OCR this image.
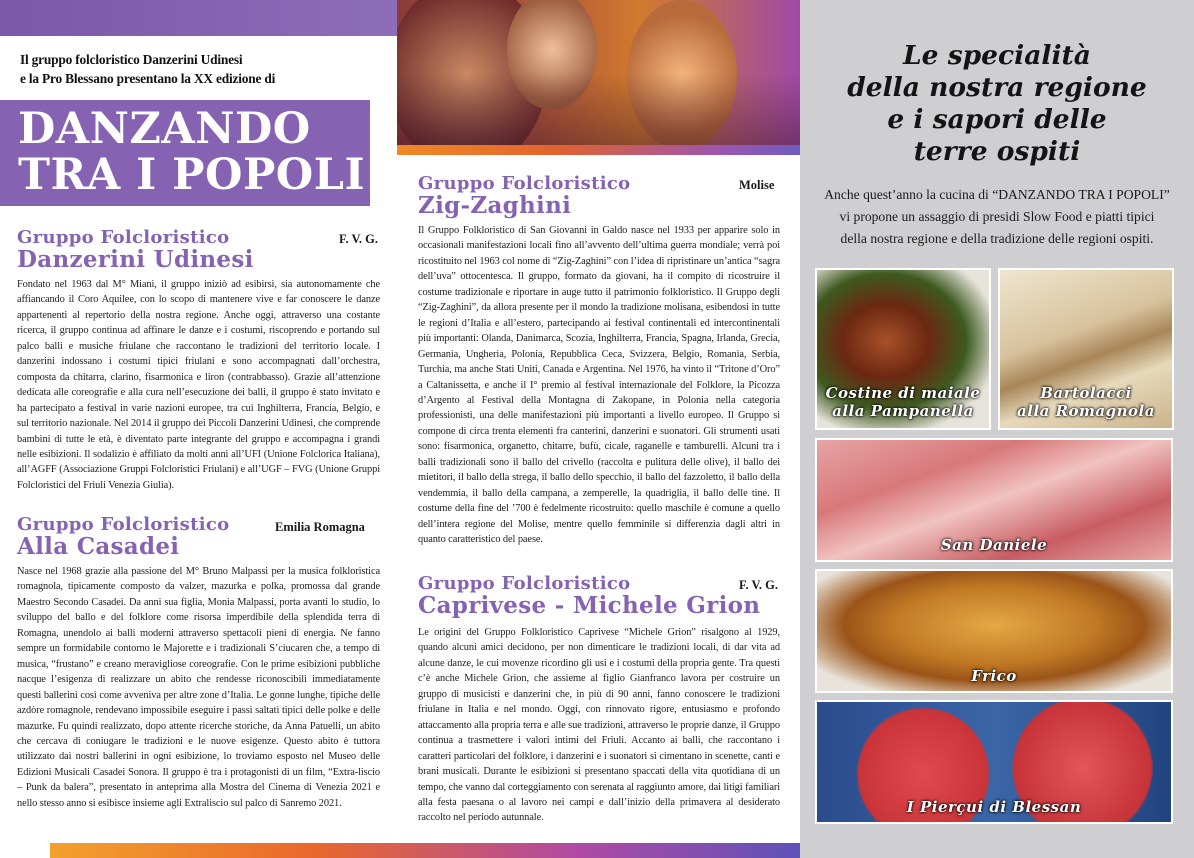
Il gruppo folcloristico Danzerini Udinesi
e la Pro Blessano presentano la XX edizione di
DANZANDO
TRA I POPOLI
Le specialità
della nostra regione
e i sapori delle
terre ospiti
Anche quest’anno la cucina di “DANZANDO TRA I POPOLI”
vi propone un assaggio di presidi Slow Food e piatti tipici
della nostra regione e della tradizione delle regioni ospiti.
Costine di maiale
alla Pampanella
Bartolacci
alla Romagnola
San Daniele
Frico
I Pierçui di Blessan
Gruppo Folcloristico
Danzerini Udinesi
F. V. G.
Fondato nel 1963 dal M° Miani, il gruppo iniziò ad esibirsi, sia autonomamente che affiancando il Coro Aquilee, con lo scopo di mantenere vive e far conoscere le danze appartenenti al repertorio della nostra regione. Anche oggi, attraverso una costante ricerca, il gruppo continua ad affinare le danze e i costumi, riscoprendo e portando sul palco balli e musiche friulane che raccontano le tradizioni del territorio locale. I danzerini indossano i costumi tipici friulani e sono accompagnati dall’orchestra, composta da chitarra, clarino, fisarmonica e liron (contrabbasso). Grazie all’attenzione dedicata alle coreografie e alla cura nell’esecuzione dei balli, il gruppo è stato invitato e ha partecipato a festival in varie nazioni europee, tra cui Inghilterra, Francia, Belgio, e sul territorio nazionale. Nel 2014 il gruppo dei Piccoli Danzerini Udinesi, che comprende bambini di tutte le età, è diventato parte integrante del gruppo e accompagna i grandi nelle esibizioni. Il sodalizio è affiliato da molti anni all’UFI (Unione Folclorica Italiana), all’AGFF (Associazione Gruppi Folcloristici Friulani) e all’UGF – FVG (Unione Gruppi Folcloristici del Friuli Venezia Giulia).
Gruppo Folcloristico
Alla Casadei
Emilia Romagna
Nasce nel 1968 grazie alla passione del M° Bruno Malpassi per la musica folkloristica romagnola, tipicamente composto da valzer, mazurka e polka, promossa dal grande Maestro Secondo Casadei. Da anni sua figlia, Monia Malpassi, porta avanti lo studio, lo sviluppo del ballo e del folklore come risorsa imperdibile della splendida terra di Romagna, unendolo ai balli moderni attraverso spettacoli pieni di energia. Ne fanno sempre un formidabile contorno le Majorette e i tradizionali S’ciucaren che, a tempo di musica, “frustano” e creano meravigliose coreografie. Con le prime esibizioni pubbliche nacque l’esigenza di realizzare un abito che rendesse riconoscibili immediatamente questi ballerini così come avveniva per altre zone d’Italia. Le gonne lunghe, tipiche delle azdòre romagnole, rendevano impossibile eseguire i passi saltati tipici delle polke e delle mazurke. Fu quindi realizzato, dopo attente ricerche storiche, da Anna Patuelli, un abito che cercava di coniugare le tradizioni e le nuove esigenze. Questo abito è tuttora utilizzato dai nostri ballerini in ogni esibizione, lo troviamo esposto nel Museo delle Edizioni Musicali Casadei Sonora. Il gruppo è tra i protagonisti di un film, “Extra-liscio – Punk da balera”, presentato in anteprima alla Mostra del Cinema di Venezia 2021 e nello stesso anno si esibisce insieme agli Extraliscio sul palco di Sanremo 2021.
Gruppo Folcloristico
Zig-Zaghini
Molise
Il Gruppo Folkloristico di San Giovanni in Galdo nasce nel 1933 per apparire solo in occasionali manifestazioni locali fino all’avvento dell’ultima guerra mondiale; verrà poi ricostituito nel 1963 col nome di “Zig-Zaghini” con l’idea di ripristinare un’antica “sagra dell’uva” ottocentesca. Il gruppo, formato da giovani, ha il compito di ricostruire il costume tradizionale e riportare in auge tutto il patrimonio folkloristico. Il Gruppo degli “Zig-Zaghini”, da allora presente per il mondo la tradizione molisana, esibendosi in tutte le regioni d’Italia e all’estero, partecipando ai festival continentali ed intercontinentali più importanti: Olanda, Danimarca, Scozia, Inghilterra, Francia, Spagna, Irlanda, Grecia, Germania, Ungheria, Polonia, Repubblica Ceca, Svizzera, Belgio, Romania, Serbia, Turchia, ma anche Stati Uniti, Canada e Argentina. Nel 1976, ha vinto il “Tritone d’Oro” a Caltanissetta, e anche il I° premio al festival internazionale del Folklore, la Picozza d’Argento al Festival della Montagna di Zakopane, in Polonia nella categoria professionisti, una delle manifestazioni più importanti a livello europeo. Il Gruppo si compone di circa trenta elementi fra canterini, danzerini e suonatori. Gli strumenti usati sono: fisarmonica, organetto, chitarre, bufù, cicale, raganelle e tamburelli. Alcuni tra i balli tradizionali sono il ballo del crivello (raccolta e pulitura delle olive), il ballo dei mietitori, il ballo della strega, il ballo dello specchio, il ballo del fazzoletto, il ballo della vendemmia, il ballo della campana, a zemperelle, la quadriglia, il ballo delle tine. Il costume della fine del ’700 è fedelmente ricostruito: quello maschile è comune a quello dell’intera regione del Molise, mentre quello femminile si differenzia dagli altri in quanto caratteristico del paese.
Gruppo Folcloristico
Caprivese - Michele Grion
F. V. G.
Le origini del Gruppo Folkloristico Caprivese “Michele Grion” risalgono al 1929, quando alcuni amici decidono, per non dimenticare le tradizioni locali, di dar vita ad alcune danze, le cui movenze ricordino gli usi e i costumi della propria gente. Tra questi c’è anche Michele Grion, che assieme al figlio Gianfranco lavora per costruire un gruppo di musicisti e danzerini che, in più di 90 anni, fanno conoscere le tradizioni friulane in Italia e nel mondo. Oggi, con rinnovato rigore, entusiasmo e profondo attaccamento alla propria terra e alle sue tradizioni, attraverso le proprie danze, il Gruppo continua a trasmettere i valori intimi del Friuli. Accanto ai balli, che raccontano i caratteri particolari del folklore, i danzerini e i suonatori si cimentano in scenette, canti e brani musicali. Durante le esibizioni si presentano spaccati della vita quotidiana di un tempo, che vanno dal corteggiamento con serenata al raggiunto amore, dai litigi familiari alla festa paesana o al lavoro nei campi e dall’inizio della primavera al desiderato raccolto nel periodo autunnale.
